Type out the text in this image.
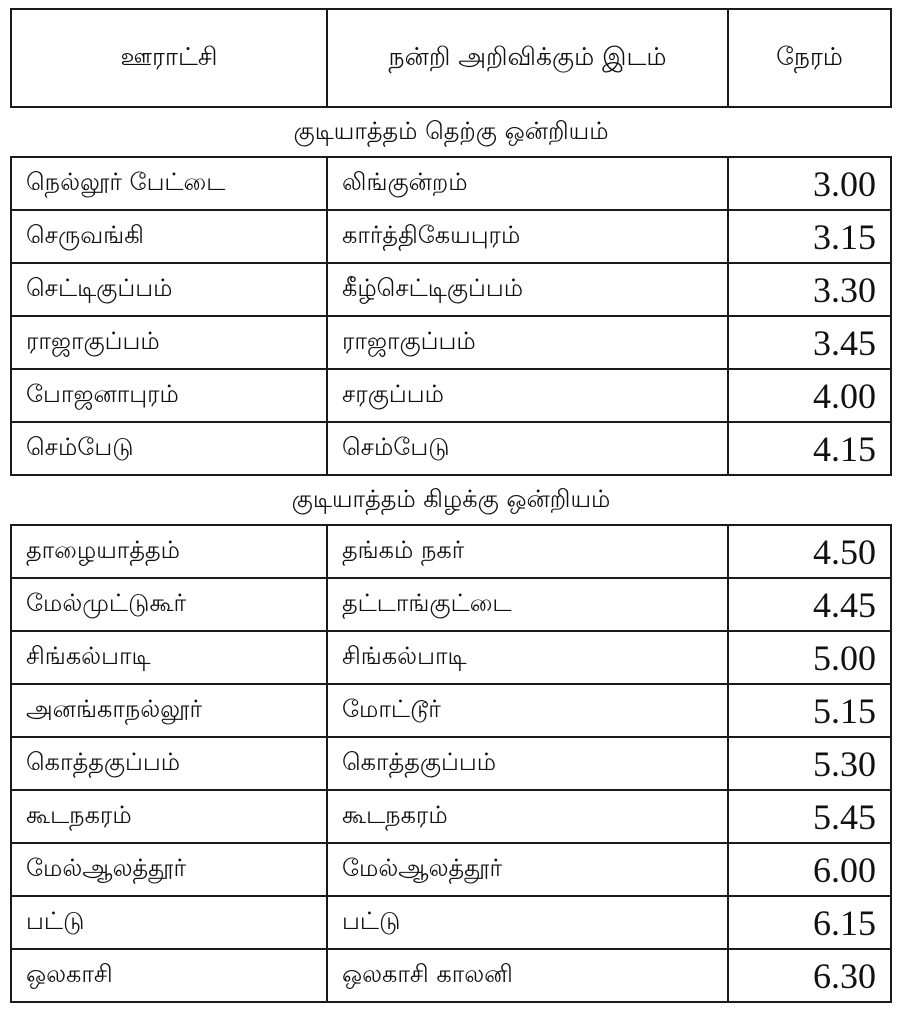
ஊராட்சி	நன்றி அறிவிக்கும் இடம்	நேரம்
குடியாத்தம் தெற்கு ஒன்றியம்		
நெல்லூர் பேட்டை	லிங்குன்றம்	3.00
செருவங்கி	கார்த்திகேயபுரம்	3.15
செட்டிகுப்பம்	கீழ்செட்டிகுப்பம்	3.30
ராஜாகுப்பம்	ராஜாகுப்பம்	3.45
போஜனாபுரம்	சரகுப்பம்	4.00
செம்பேடு	செம்பேடு	4.15
குடியாத்தம் கிழக்கு ஒன்றியம்		
தாழையாத்தம்	தங்கம் நகர்	4.50
மேல்முட்டுகூர்	தட்டாங்குட்டை	4.45
சிங்கல்பாடி	சிங்கல்பாடி	5.00
அனங்காநல்லூர்	மோட்டூர்	5.15
கொத்தகுப்பம்	கொத்தகுப்பம்	5.30
கூடநகரம்	கூடநகரம்	5.45
மேல்ஆலத்தூர்	மேல்ஆலத்தூர்	6.00
பட்டு	பட்டு	6.15
ஒலகாசி	ஒலகாசி காலனி	6.30
